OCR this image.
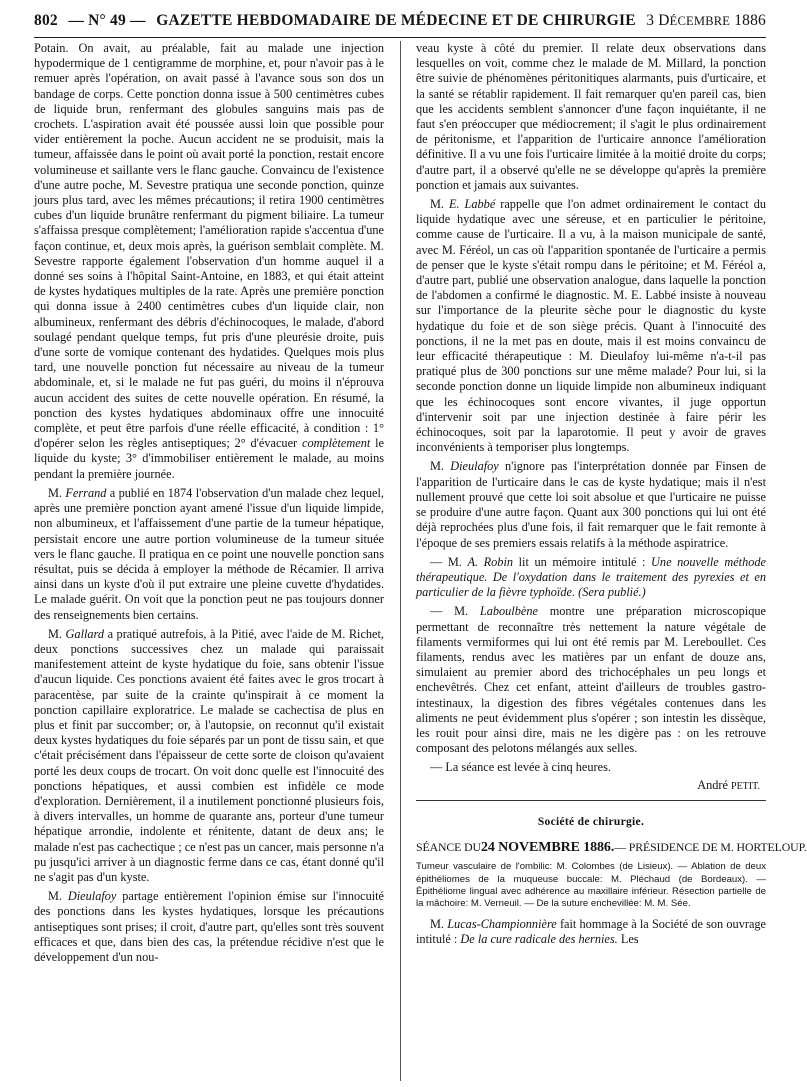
802 — N° 49 — GAZETTE HEBDOMADAIRE DE MÉDECINE ET DE CHIRURGIE 3 DÉCEMBRE 1886

Potain. On avait, au préalable, fait au malade une injection hypodermique de 1 centigramme de morphine, et, pour n'avoir pas à le remuer après l'opération, on avait passé à l'avance sous son dos un bandage de corps. Cette ponction donna issue à 500 centimètres cubes de liquide brun, renfermant des globules sanguins mais pas de crochets. L'aspiration avait été poussée aussi loin que possible pour vider entièrement la poche. Aucun accident ne se produisit, mais la tumeur, affaissée dans le point où avait porté la ponction, restait encore volumineuse et saillante vers le flanc gauche. Convaincu de l'existence d'une autre poche, M. Sevestre pratiqua une seconde ponction, quinze jours plus tard, avec les mêmes précautions; il retira 1900 centimètres cubes d'un liquide brunâtre renfermant du pigment biliaire. La tumeur s'affaissa presque complètement; l'amélioration rapide s'accentua d'une façon continue, et, deux mois après, la guérison semblait complète. M. Sevestre rapporte également l'observation d'un homme auquel il a donné ses soins à l'hôpital Saint-Antoine, en 1883, et qui était atteint de kystes hydatiques multiples de la rate. Après une première ponction qui donna issue à 2400 centimètres cubes d'un liquide clair, non albumineux, renfermant des débris d'échinocoques, le malade, d'abord soulagé pendant quelque temps, fut pris d'une pleurésie droite, puis d'une sorte de vomique contenant des hydatides. Quelques mois plus tard, une nouvelle ponction fut nécessaire au niveau de la tumeur abdominale, et, si le malade ne fut pas guéri, du moins il n'éprouva aucun accident des suites de cette nouvelle opération. En résumé, la ponction des kystes hydatiques abdominaux offre une innocuité complète, et peut être parfois d'une réelle efficacité, à condition : 1° d'opérer selon les règles antiseptiques; 2° d'évacuer complètement le liquide du kyste; 3° d'immobiliser entièrement le malade, au moins pendant la première journée.

M. Ferrand a publié en 1874 l'observation d'un malade chez lequel, après une première ponction ayant amené l'issue d'un liquide limpide, non albumineux, et l'affaissement d'une partie de la tumeur hépatique, persistait encore une autre portion volumineuse de la tumeur située vers le flanc gauche. Il pratiqua en ce point une nouvelle ponction sans résultat, puis se décida à employer la méthode de Récamier. Il arriva ainsi dans un kyste d'où il put extraire une pleine cuvette d'hydatides. Le malade guérit. On voit que la ponction peut ne pas toujours donner des renseignements bien certains.

M. Gallard a pratiqué autrefois, à la Pitié, avec l'aide de M. Richet, deux ponctions successives chez un malade qui paraissait manifestement atteint de kyste hydatique du foie, sans obtenir l'issue d'aucun liquide. Ces ponctions avaient été faites avec le gros trocart à paracentèse, par suite de la crainte qu'inspirait à ce moment la ponction capillaire exploratrice. Le malade se cachectisa de plus en plus et finit par succomber; or, à l'autopsie, on reconnut qu'il existait deux kystes hydatiques du foie séparés par un pont de tissu sain, et que c'était précisément dans l'épaisseur de cette sorte de cloison qu'avaient porté les deux coups de trocart. On voit donc quelle est l'innocuité des ponctions hépatiques, et aussi combien est infidèle ce mode d'exploration. Dernièrement, il a inutilement ponctionné plusieurs fois, à divers intervalles, un homme de quarante ans, porteur d'une tumeur hépatique arrondie, indolente et rénitente, datant de deux ans; le malade n'est pas cachectique ; ce n'est pas un cancer, mais personne n'a pu jusqu'ici arriver à un diagnostic ferme dans ce cas, étant donné qu'il ne s'agit pas d'un kyste.

M. Dieulafoy partage entièrement l'opinion émise sur l'innocuité des ponctions dans les kystes hydatiques, lorsque les précautions antiseptiques sont prises; il croit, d'autre part, qu'elles sont très souvent efficaces et que, dans bien des cas, la prétendue récidive n'est que le développement d'un nou-

veau kyste à côté du premier. Il relate deux observations dans lesquelles on voit, comme chez le malade de M. Millard, la ponction être suivie de phénomènes péritonitiques alarmants, puis d'urticaire, et la santé se rétablir rapidement. Il fait remarquer qu'en pareil cas, bien que les accidents semblent s'annoncer d'une façon inquiétante, il ne faut s'en préoccuper que médiocrement; il s'agit le plus ordinairement de péritonisme, et l'apparition de l'urticaire annonce l'amélioration définitive. Il a vu une fois l'urticaire limitée à la moitié droite du corps; d'autre part, il a observé qu'elle ne se développe qu'après la première ponction et jamais aux suivantes.

M. E. Labbé rappelle que l'on admet ordinairement le contact du liquide hydatique avec une séreuse, et en particulier le péritoine, comme cause de l'urticaire. Il a vu, à la maison municipale de santé, avec M. Féréol, un cas où l'apparition spontanée de l'urticaire a permis de penser que le kyste s'était rompu dans le péritoine; et M. Féréol a, d'autre part, publié une observation analogue, dans laquelle la ponction de l'abdomen a confirmé le diagnostic. M. E. Labbé insiste à nouveau sur l'importance de la pleurite sèche pour le diagnostic du kyste hydatique du foie et de son siège précis. Quant à l'innocuité des ponctions, il ne la met pas en doute, mais il est moins convaincu de leur efficacité thérapeutique : M. Dieulafoy lui-même n'a-t-il pas pratiqué plus de 300 ponctions sur une même malade? Pour lui, si la seconde ponction donne un liquide limpide non albumineux indiquant que les échinocoques sont encore vivantes, il juge opportun d'intervenir soit par une injection destinée à faire périr les échinocoques, soit par la laparotomie. Il peut y avoir de graves inconvénients à temporiser plus longtemps.

M. Dieulafoy n'ignore pas l'interprétation donnée par Finsen de l'apparition de l'urticaire dans le cas de kyste hydatique; mais il n'est nullement prouvé que cette loi soit absolue et que l'urticaire ne puisse se produire d'une autre façon. Quant aux 300 ponctions qui lui ont été déjà reprochées plus d'une fois, il fait remarquer que le fait remonte à l'époque de ses premiers essais relatifs à la méthode aspiratrice.

— M. A. Robin lit un mémoire intitulé : Une nouvelle méthode thérapeutique. De l'oxydation dans le traitement des pyrexies et en particulier de la fièvre typhoïde. (Sera publié.)

— M. Laboulbène montre une préparation microscopique permettant de reconnaître très nettement la nature végétale de filaments vermiformes qui lui ont été remis par M. Lereboullet. Ces filaments, rendus avec les matières par un enfant de douze ans, simulaient au premier abord des trichocéphales un peu longs et enchevêtrés. Chez cet enfant, atteint d'ailleurs de troubles gastro-intestinaux, la digestion des fibres végétales contenues dans les aliments ne peut évidemment plus s'opérer ; son intestin les dissèque, les rouit pour ainsi dire, mais ne les digère pas : on les retrouve composant des pelotons mélangés aux selles.

— La séance est levée à cinq heures.

André PETIT.
Société de chirurgie.
SÉANCE DU24 NOVEMBRE 1886.— PRÉSIDENCE DE M. HORTELOUP.
Tumeur vasculaire de l'ombilic: M. Colombes (de Lisieux). — Ablation de deux épithéliomes de la muqueuse buccale: M. Pléchaud (de Bordeaux). — Épithéliome lingual avec adhérence au maxillaire inférieur. Résection partielle de la mâchoire: M. Verneuil. — De la suture enchevillée: M. M. Sée.

M. Lucas-Championnière fait hommage à la Société de son ouvrage intitulé : De la cure radicale des hernies. Les
